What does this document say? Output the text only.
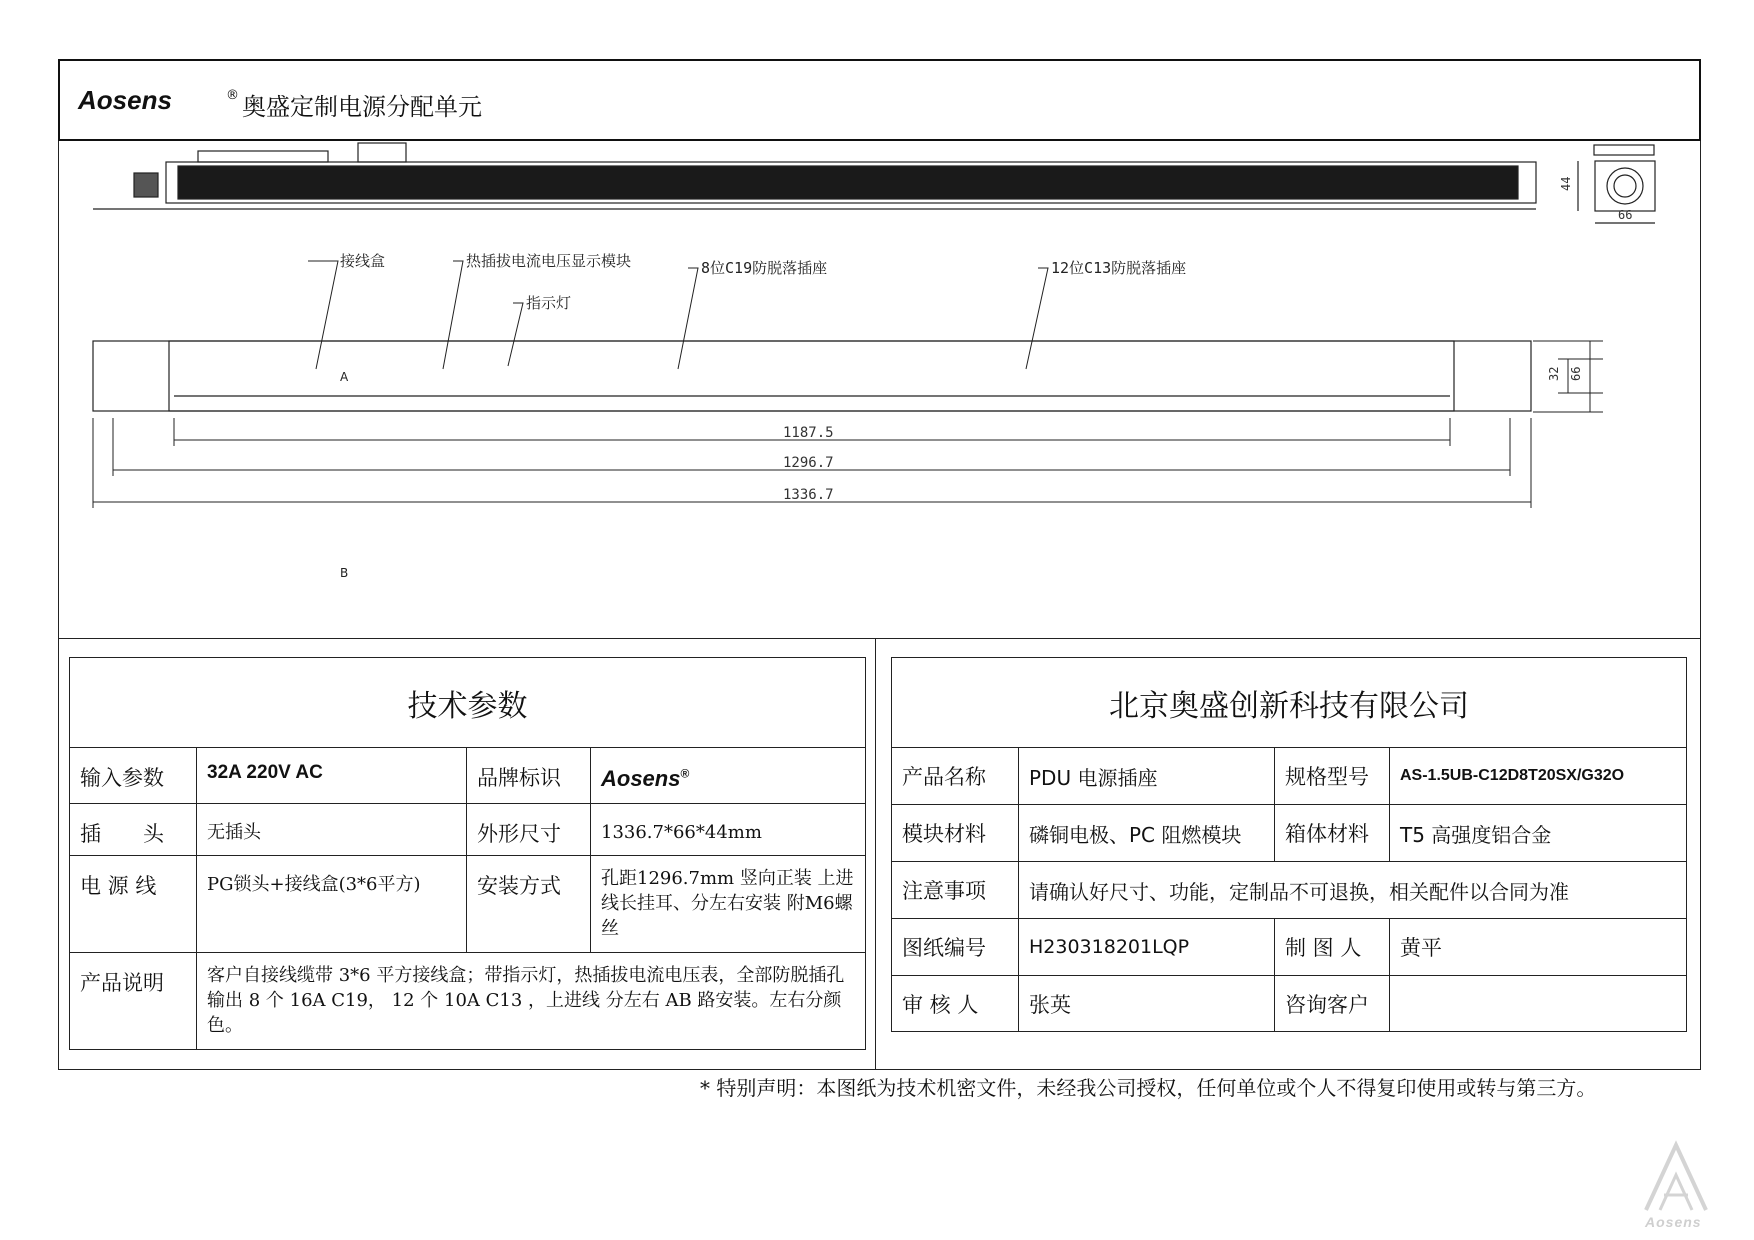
Aosens	® 奥盛定制电源分配单元
44
66
接线盒	热插拔电流电压显示模块
指示灯
8位C19防脱落插座	12位C13防脱落插座
A	32 66
1187.5
1296.7
1336.7
B
技术参数			
输入参数	32A 220V AC	品牌标识	Aosens®
插　　头	无插头	外形尺寸	1336.7*66*44mm
电 源 线	PG锁头+接线盒(3*6平方)	安装方式	孔距1296.7mm 竖向正装 上进线长挂耳、分左右安装 附M6螺丝
产品说明	客户自接线缆带 3*6 平方接线盒；带指示灯，热插拔电流电压表，全部防脱插孔输出 8 个 16A C19， 12 个 10A C13 ，上进线 分左右 AB 路安装。左右分颜色。		
北京奥盛创新科技有限公司			
产品名称	PDU 电源插座	规格型号	AS-1.5UB-C12D8T20SX/G32O
模块材料	磷铜电极、PC 阻燃模块	箱体材料	T5 高强度铝合金
注意事项	请确认好尺寸、功能，定制品不可退换，相关配件以合同为准		
图纸编号	H230318201LQP	制 图 人	黄平
审 核 人	张英	咨询客户	
* 特别声明：本图纸为技术机密文件，未经我公司授权，任何单位或个人不得复印使用或转与第三方。
Aosens
